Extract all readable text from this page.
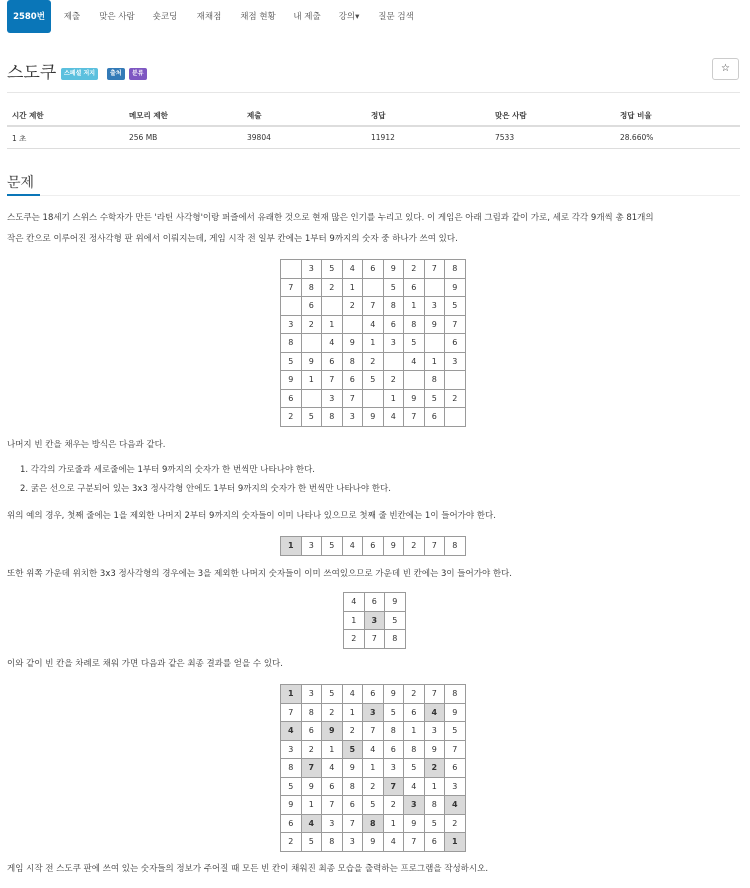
2580번	제출	맞은 사람	숏코딩	재채점	채점 현황	내 제출	강의▾	질문 검색
스도쿠	스페셜 저지	출처	분류	☆
시간 제한	메모리 제한	제출	정답	맞은 사람	정답 비율
1 초	256 MB	39804	11912	7533	28.660%
문제
스도쿠는 18세기 스위스 수학자가 만든 '라틴 사각형'이랑 퍼즐에서 유래한 것으로 현재 많은 인기를 누리고 있다. 이 게임은 아래 그림과 같이 가로, 세로 각각 9개씩 총 81개의
작은 칸으로 이루어진 정사각형 판 위에서 이뤄지는데, 게임 시작 전 일부 칸에는 1부터 9까지의 숫자 중 하나가 쓰여 있다.
	3	5	4	6	9	2	7	8
7	8	2	1		5	6		9
	6		2	7	8	1	3	5
3	2	1		4	6	8	9	7
8		4	9	1	3	5		6
5	9	6	8	2		4	1	3
9	1	7	6	5	2		8	
6		3	7		1	9	5	2
2	5	8	3	9	4	7	6	
나머지 빈 칸을 채우는 방식은 다음과 같다.
1. 각각의 가로줄과 세로줄에는 1부터 9까지의 숫자가 한 번씩만 나타나야 한다.
2. 굵은 선으로 구분되어 있는 3x3 정사각형 안에도 1부터 9까지의 숫자가 한 번씩만 나타나야 한다.
위의 예의 경우, 첫째 줄에는 1을 제외한 나머지 2부터 9까지의 숫자들이 이미 나타나 있으므로 첫째 줄 빈칸에는 1이 들어가야 한다.
1	3	5	4	6	9	2	7	8
또한 위쪽 가운데 위치한 3x3 정사각형의 경우에는 3을 제외한 나머지 숫자들이 이미 쓰여있으므로 가운데 빈 칸에는 3이 들어가야 한다.
4	6	9
1	3	5
2	7	8
이와 같이 빈 칸을 차례로 채워 가면 다음과 같은 최종 결과를 얻을 수 있다.
1	3	5	4	6	9	2	7	8
7	8	2	1	3	5	6	4	9
4	6	9	2	7	8	1	3	5
3	2	1	5	4	6	8	9	7
8	7	4	9	1	3	5	2	6
5	9	6	8	2	7	4	1	3
9	1	7	6	5	2	3	8	4
6	4	3	7	8	1	9	5	2
2	5	8	3	9	4	7	6	1
게임 시작 전 스도쿠 판에 쓰여 있는 숫자들의 정보가 주어질 때 모든 빈 칸이 채워진 최종 모습을 출력하는 프로그램을 작성하시오.
